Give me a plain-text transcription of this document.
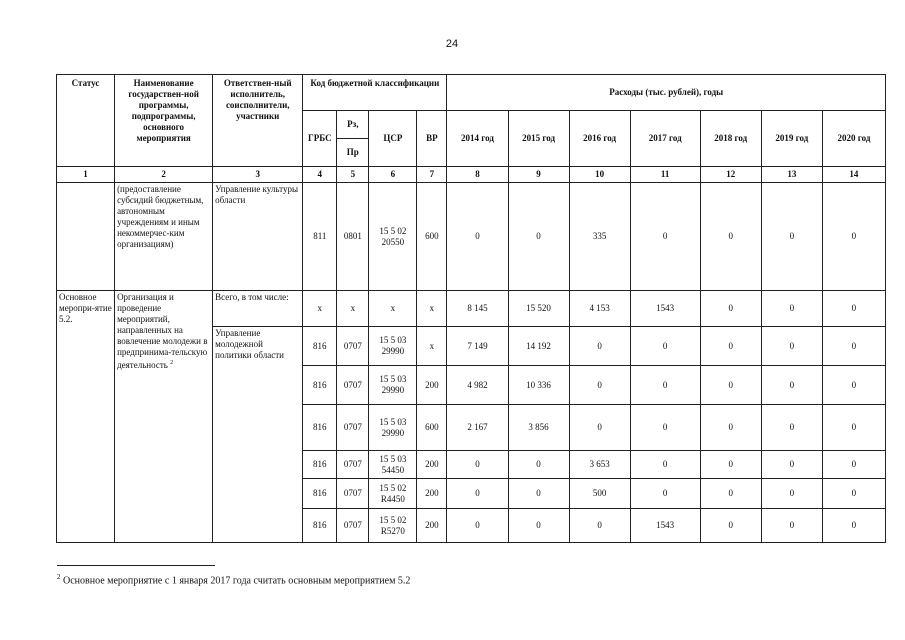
24
Статус	Наименование государствен-ной программы, подпрограммы, основного мероприятия	Ответствен-ный исполнитель, соисполнители, участники	Код бюджетной классификации				Расходы (тыс. рублей), годы						
			ГРБС	Рз,	ЦСР	ВР	2014 год	2015 год	2016 год	2017 год	2018 год	2019 год	2020 год
				Пр									
1	2	3	4	5	6	7	8	9	10	11	12	13	14
	(предоставление субсидий бюджетным, автономным учреждениям и иным некоммерчес-ким организациям)	Управление культуры области	811	0801	15 5 02 20550	600	0	0	335	0	0	0	0
Основное меропри-ятие 5.2.	Организация и проведение мероприятий, направленных на вовлечение молодежи в предпринима-тельскую деятельность $^2$	Всего, в том числе:	x	x	x	x	8 145	15 520	4 153	1543	0	0	0
		Управление молодежной политики области	816	0707	15 5 03 29990	x	7 149	14 192	0	0	0	0	0
			816	0707	15 5 03 29990	200	4 982	10 336	0	0	0	0	0
			816	0707	15 5 03 29990	600	2 167	3 856	0	0	0	0	0
			816	0707	15 5 03 54450	200	0	0	3 653	0	0	0	0
			816	0707	15 5 02 R4450	200	0	0	500	0	0	0	0
			816	0707	15 5 02 R5270	200	0	0	0	1543	0	0	0
$^2$ Основное мероприятие с 1 января 2017 года считать основным мероприятием 5.2
